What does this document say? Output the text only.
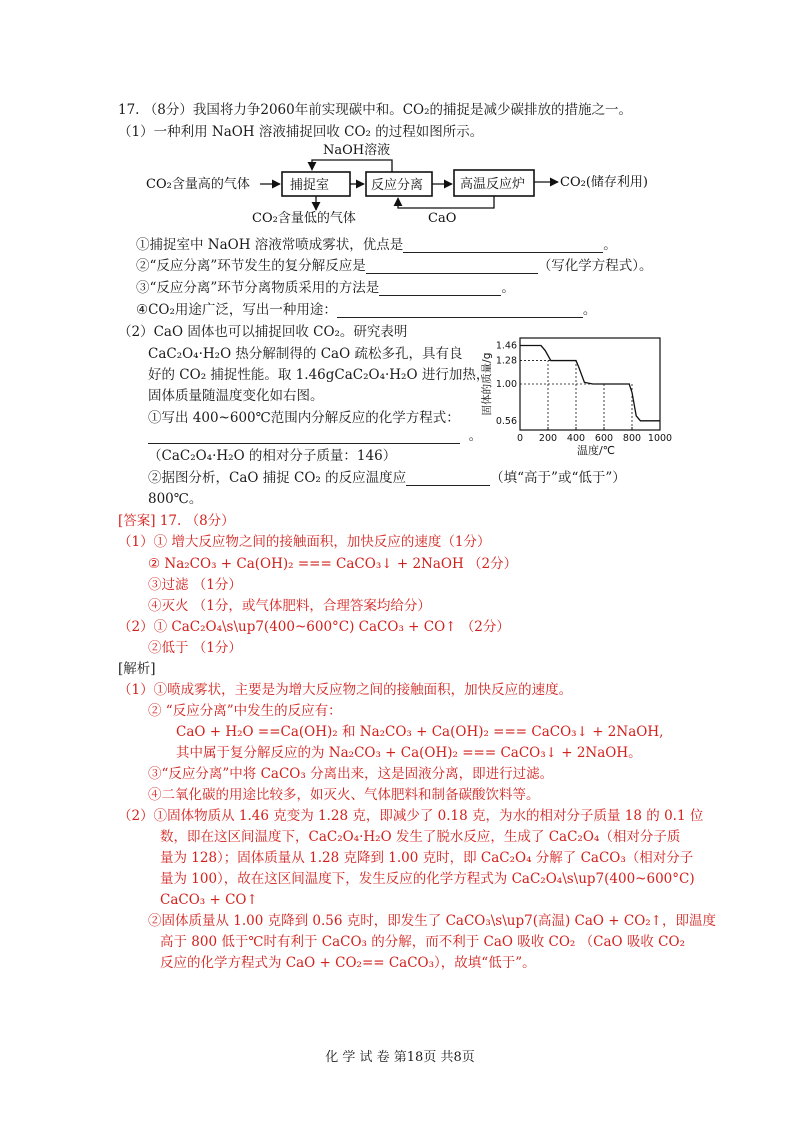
17. （8分）我国将力争2060年前实现碳中和。CO₂的捕捉是减少碳排放的措施之一。
（1）一种利用 NaOH 溶液捕捉回收 CO₂ 的过程如图所示。
NaOH溶液
CO₂含量高的气体	捕捉室	反应分离	高温反应炉	CO₂(储存利用)
CO₂含量低的气体	CaO
①捕捉室中 NaOH 溶液常喷成雾状，优点是	。
②“反应分离”环节发生的复分解反应是	（写化学方程式）。
③“反应分离”环节分离物质采用的方法是	。
④CO₂用途广泛，写出一种用途：	。
（2）CaO 固体也可以捕捉回收 CO₂。研究表明
CaC₂O₄·H₂O 热分解制得的 CaO 疏松多孔，具有良
好的 CO₂ 捕捉性能。取 1.46gCaC₂O₄·H₂O 进行加热，
固体质量随温度变化如右图。
①写出 400~600℃范围内分解反应的化学方程式：
。
（CaC₂O₄·H₂O 的相对分子质量：146）
②据图分析，CaO 捕捉 CO₂ 的反应温度应	（填“高于”或“低于”）
800℃。
0 200 400 600 800 1000
1.46
1.28
1.00
0.56
温度/℃
固体的质量/g
[答案] 17. （8分）
（1）① 增大反应物之间的接触面积，加快反应的速度（1分）
② Na₂CO₃ + Ca(OH)₂ === CaCO₃↓ + 2NaOH （2分）
③过滤 （1分）
④灭火 （1分，或气体肥料，合理答案均给分）
（2）① CaC₂O₄\s\up7(400~600°C) CaCO₃ + CO↑ （2分）
②低于 （1分）
[解析]
（1）①喷成雾状，主要是为增大反应物之间的接触面积，加快反应的速度。
② “反应分离”中发生的反应有：
CaO + H₂O ==Ca(OH)₂ 和 Na₂CO₃ + Ca(OH)₂ === CaCO₃↓ + 2NaOH,
其中属于复分解反应的为 Na₂CO₃ + Ca(OH)₂ === CaCO₃↓ + 2NaOH。
③“反应分离”中将 CaCO₃ 分离出来，这是固液分离，即进行过滤。
④二氧化碳的用途比较多，如灭火、气体肥料和制备碳酸饮料等。
（2）①固体物质从 1.46 克变为 1.28 克，即减少了 0.18 克，为水的相对分子质量 18 的 0.1 位
数，即在这区间温度下，CaC₂O₄·H₂O 发生了脱水反应，生成了 CaC₂O₄（相对分子质
量为 128）；固体质量从 1.28 克降到 1.00 克时，即 CaC₂O₄ 分解了 CaCO₃（相对分子
量为 100），故在这区间温度下，发生反应的化学方程式为 CaC₂O₄\s\up7(400~600°C)
CaCO₃ + CO↑
②固体质量从 1.00 克降到 0.56 克时，即发生了 CaCO₃\s\up7(高温) CaO + CO₂↑，即温度
高于 800 低于℃时有利于 CaCO₃ 的分解，而不利于 CaO 吸收 CO₂ （CaO 吸收 CO₂
反应的化学方程式为 CaO + CO₂== CaCO₃），故填“低于”。
化 学 试 卷 第18页 共8页
